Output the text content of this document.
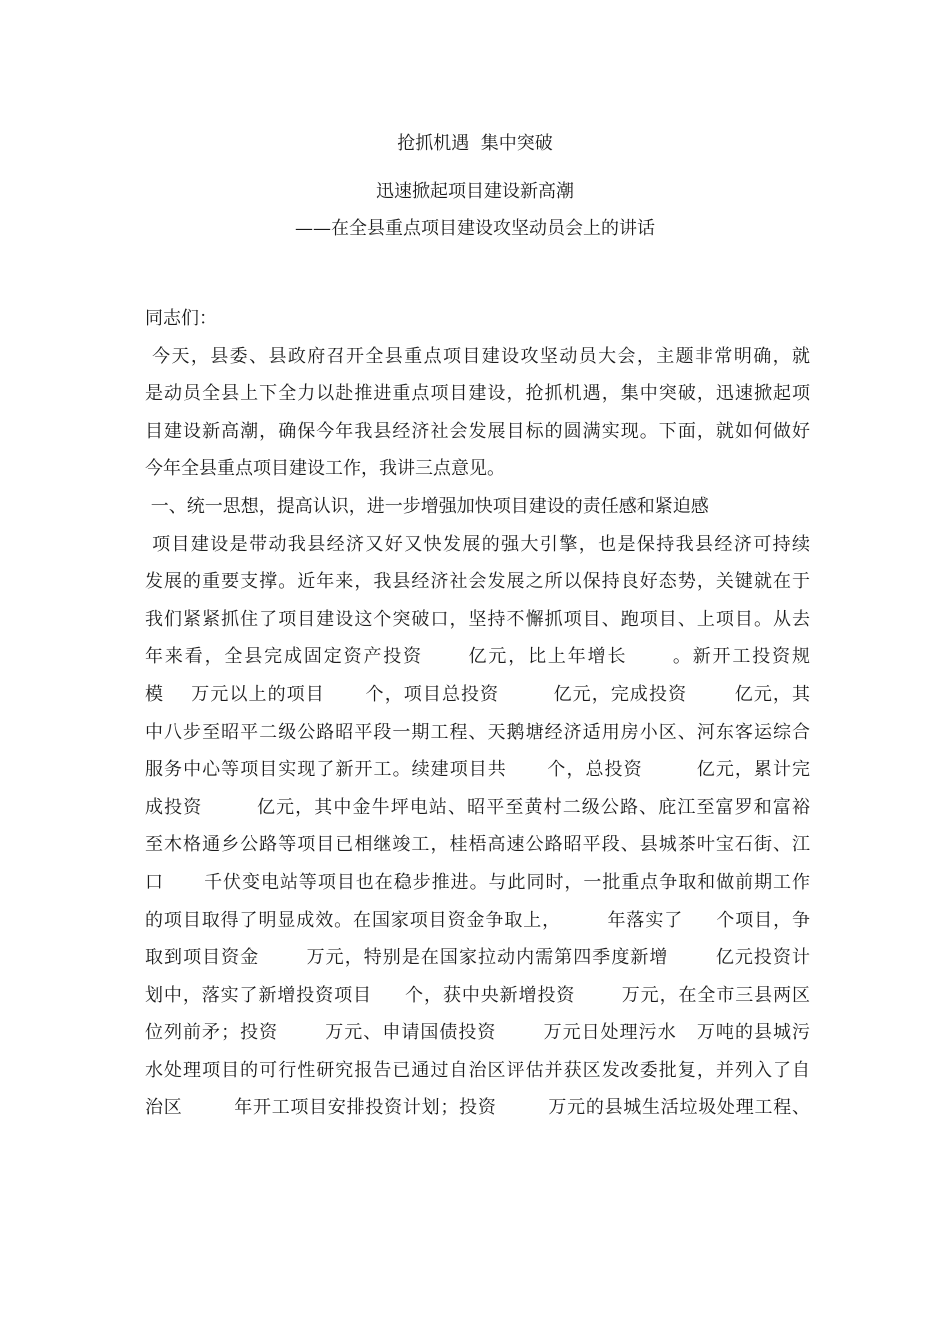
抢抓机遇  集中突破
迅速掀起项目建设新高潮
——在全县重点项目建设攻坚动员会上的讲话
同志们：
今天，县委、县政府召开全县重点项目建设攻坚动员大会，主题非常明确，就
是动员全县上下全力以赴推进重点项目建设，抢抓机遇，集中突破，迅速掀起项
目建设新高潮，确保今年我县经济社会发展目标的圆满实现。下面，就如何做好
今年全县重点项目建设工作，我讲三点意见。
一、统一思想，提高认识，进一步增强加快项目建设的责任感和紧迫感
项目建设是带动我县经济又好又快发展的强大引擎，也是保持我县经济可持续
发展的重要支撑。近年来，我县经济社会发展之所以保持良好态势，关键就在于
我们紧紧抓住了项目建设这个突破口，坚持不懈抓项目、跑项目、上项目。从去
年来看，全县完成固定资产投资      亿元，比上年增长      。新开工投资规
模    万元以上的项目      个，项目总投资        亿元，完成投资       亿元，其
中八步至昭平二级公路昭平段一期工程、天鹅塘经济适用房小区、河东客运综合
服务中心等项目实现了新开工。续建项目共      个，总投资        亿元，累计完
成投资        亿元，其中金牛坪电站、昭平至黄村二级公路、庇江至富罗和富裕
至木格通乡公路等项目已相继竣工，桂梧高速公路昭平段、县城茶叶宝石街、江
口      千伏变电站等项目也在稳步推进。与此同时，一批重点争取和做前期工作
的项目取得了明显成效。在国家项目资金争取上，       年落实了     个项目，争
取到项目资金       万元，特别是在国家拉动内需第四季度新增       亿元投资计
划中，落实了新增投资项目     个，获中央新增投资       万元，在全市三县两区
位列前矛；投资       万元、申请国债投资       万元日处理污水   万吨的县城污
水处理项目的可行性研究报告已通过自治区评估并获区发改委批复，并列入了自
治区        年开工项目安排投资计划；投资        万元的县城生活垃圾处理工程、
